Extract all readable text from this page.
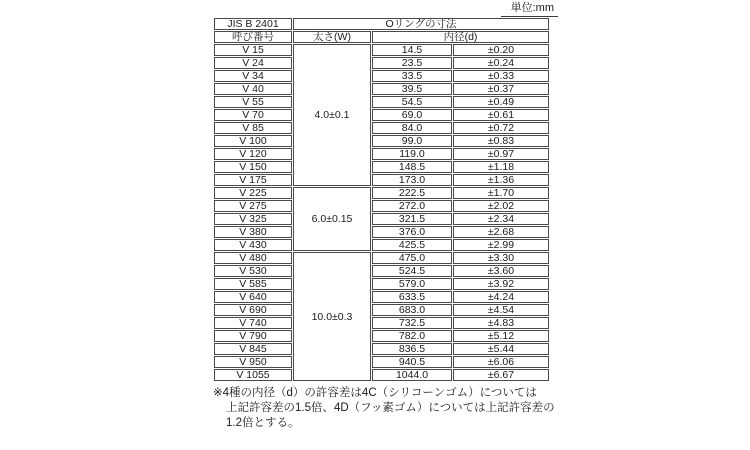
単位:mm
JIS B 2401	Oリングの寸法		
呼び番号	太さ(W)	内径(d)	
V 15	4.0±0.1	14.5	±0.20
V 24		23.5	±0.24
V 34		33.5	±0.33
V 40		39.5	±0.37
V 55		54.5	±0.49
V 70		69.0	±0.61
V 85		84.0	±0.72
V 100		99.0	±0.83
V 120		119.0	±0.97
V 150		148.5	±1.18
V 175		173.0	±1.36
V 225	6.0±0.15	222.5	±1.70
V 275		272.0	±2.02
V 325		321.5	±2.34
V 380		376.0	±2.68
V 430		425.5	±2.99
V 480	10.0±0.3	475.0	±3.30
V 530		524.5	±3.60
V 585		579.0	±3.92
V 640		633.5	±4.24
V 690		683.0	±4.54
V 740		732.5	±4.83
V 790		782.0	±5.12
V 845		836.5	±5.44
V 950		940.5	±6.06
V 1055		1044.0	±6.67
※4種の内径（d）の許容差は4C（シリコーンゴム）については
上記許容差の1.5倍、4D（フッ素ゴム）については上記許容差の
1.2倍とする。
